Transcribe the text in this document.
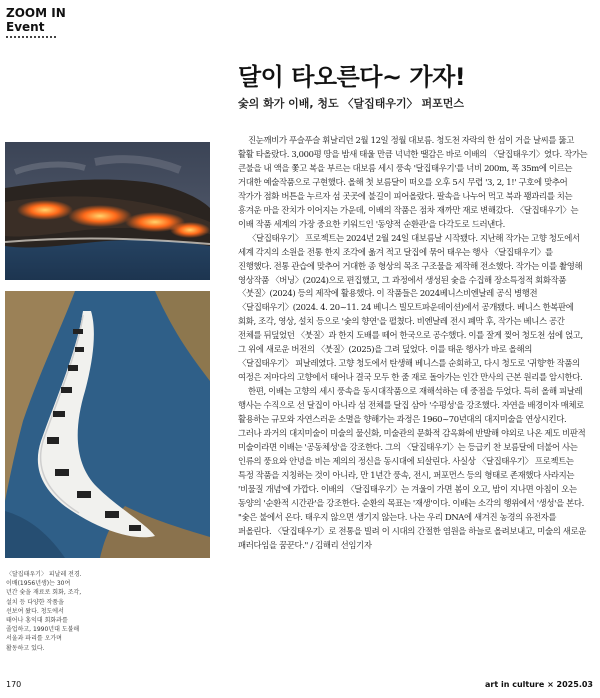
ZOOM IN
Event
달이 타오른다~ 가자!
숯의 화가 이배, 청도 〈달집태우기〉 퍼포먼스
〈달집태우기〉 피날레 전경. 이배(1956년생)는 30여 년간 숯을 재료로 회화, 조각, 설치 등 다양한 작품을 선보여 왔다. 청도에서 태어나 홍익대 회화과를 졸업하고, 1990년대 도불해 서울과 파리를 오가며 활동하고 있다.

진눈깨비가 푸슬푸슬 휘날리던 2월 12일 정월 대보름. 청도천 자락의 한 섬이 거을 날씨를 뚫고 활활 타올랐다. 3,000평 땅을 밤새 태울 만큼 넉넉한 땔감은 바로 이배의 〈달집태우기〉였다. 작가는 큰불을 내 액을 쫓고 복을 부르는 대보름 세시 풍속 '달집태우기'를 너비 200m, 폭 35m에 이르는 거대한 예술작품으로 구현했다. 올해 첫 보름달이 떠오를 오후 5시 무렵 '3, 2, 1!' 구호에 맞추어 작가가 점화 버튼을 누르자 섬 곳곳에 불길이 피어올랐다. 팔속을 나누어 먹고 북과 꽹과리를 치는 흥겨운 마을 잔치가 이어지는 가운데, 이배의 작품은 점차 재까만 재로 변해갔다. 〈달집태우기〉는 이배 작품 세계의 가장 중요한 키워드인 '동양적 순환관'을 다각도로 드러낸다.

〈달집태우기〉 프로젝트는 2024년 2월 24일 대보름날 시작됐다. 지난해 작가는 고향 청도에서 세계 각지의 소원을 전통 한지 조각에 옮겨 적고 달집에 묶어 태우는 행사 〈달집태우기〉를 진행했다. 전통 관습에 맞추어 거대한 종 형상의 목조 구조물을 제작해 전소했다. 작가는 이를 촬영해 영상작품 〈버닝〉(2024)으로 편집했고, 그 과정에서 생성된 숯을 수집해 장소특정적 회화작품 〈붓질〉(2024) 등의 제작에 활용했다. 이 작품들은 2024베니스비엔날레 공식 병행전 〈달집태우기〉(2024. 4. 20~11. 24 베니스 빌모트파운데이션)에서 공개됐다. 베니스 한복판에 회화, 조각, 영상, 설치 등으로 '숯의 향연'을 펼쳤다. 비엔날레 전시 폐막 후, 작가는 베니스 공간 전체를 뒤덮었던 〈붓질〉과 한지 도배를 떼어 한국으로 공수했다. 이를 잘게 찢어 청도천 섬에 얹고, 그 위에 새로운 버전의 〈붓질〉(2025)을 그려 덮었다. 이를 태운 행사가 바로 올해의 〈달집태우기〉 피날레였다. 고향 청도에서 탄생해 베니스를 순회하고, 다시 청도로 '귀향'한 작품의 여정은 저마다의 고향에서 태어나 결국 모두 한 줌 재로 돌아가는 인간 만사의 근본 원리를 암시한다.

한편, 이배는 고향의 세시 풍속을 동시대작품으로 재해석하는 데 중점을 두었다. 특히 올해 피날레 행사는 수직으로 선 달집이 아니라 섬 전체를 달집 삼아 '수평성'을 강조했다. 자연을 배경이자 매체로 활용하는 규모와 자연스러운 소멸을 향해가는 과정은 1960~70년대의 대지미술을 연상시킨다. 그러나 과거의 대지미술이 미술의 물신화, 미술관의 문화적 감옥화에 반발해 야외로 나온 제도 비판적 미술이라면 이배는 '공동체성'을 강조한다. 그의 〈달집태우기〉는 등급키 찬 보름달에 더불어 사는 인류의 풍요와 안녕을 비는 제의의 정신을 동시대에 되살린다. 사실상 〈달집태우기〉 프로젝트는 특정 작품을 지칭하는 것이 아니라, 만 1년간 풍속, 전시, 퍼포먼스 등의 형태로 존재했다 사라지는 '비물질 개념'에 가깝다. 이배의 〈달집태우기〉는 겨울이 가면 봄이 오고, 밤이 지나면 아침이 오는 동양의 '순환적 시간관'을 강조한다. 순환의 목표는 '재생'이다. 이배는 소각의 행위에서 '생성'을 본다. "숯은 불에서 온다. 태우지 않으면 생기지 않는다. 나는 우리 DNA에 새겨진 농경의 유전자를 퍼올린다. 〈달집태우기〉로 전통을 빌려 이 시대의 간절한 염원을 하늘로 올려보내고, 미술의 새로운 패러다임을 꿈꾼다." / 김해리 선임기자

170	art in culture × 2025.03
